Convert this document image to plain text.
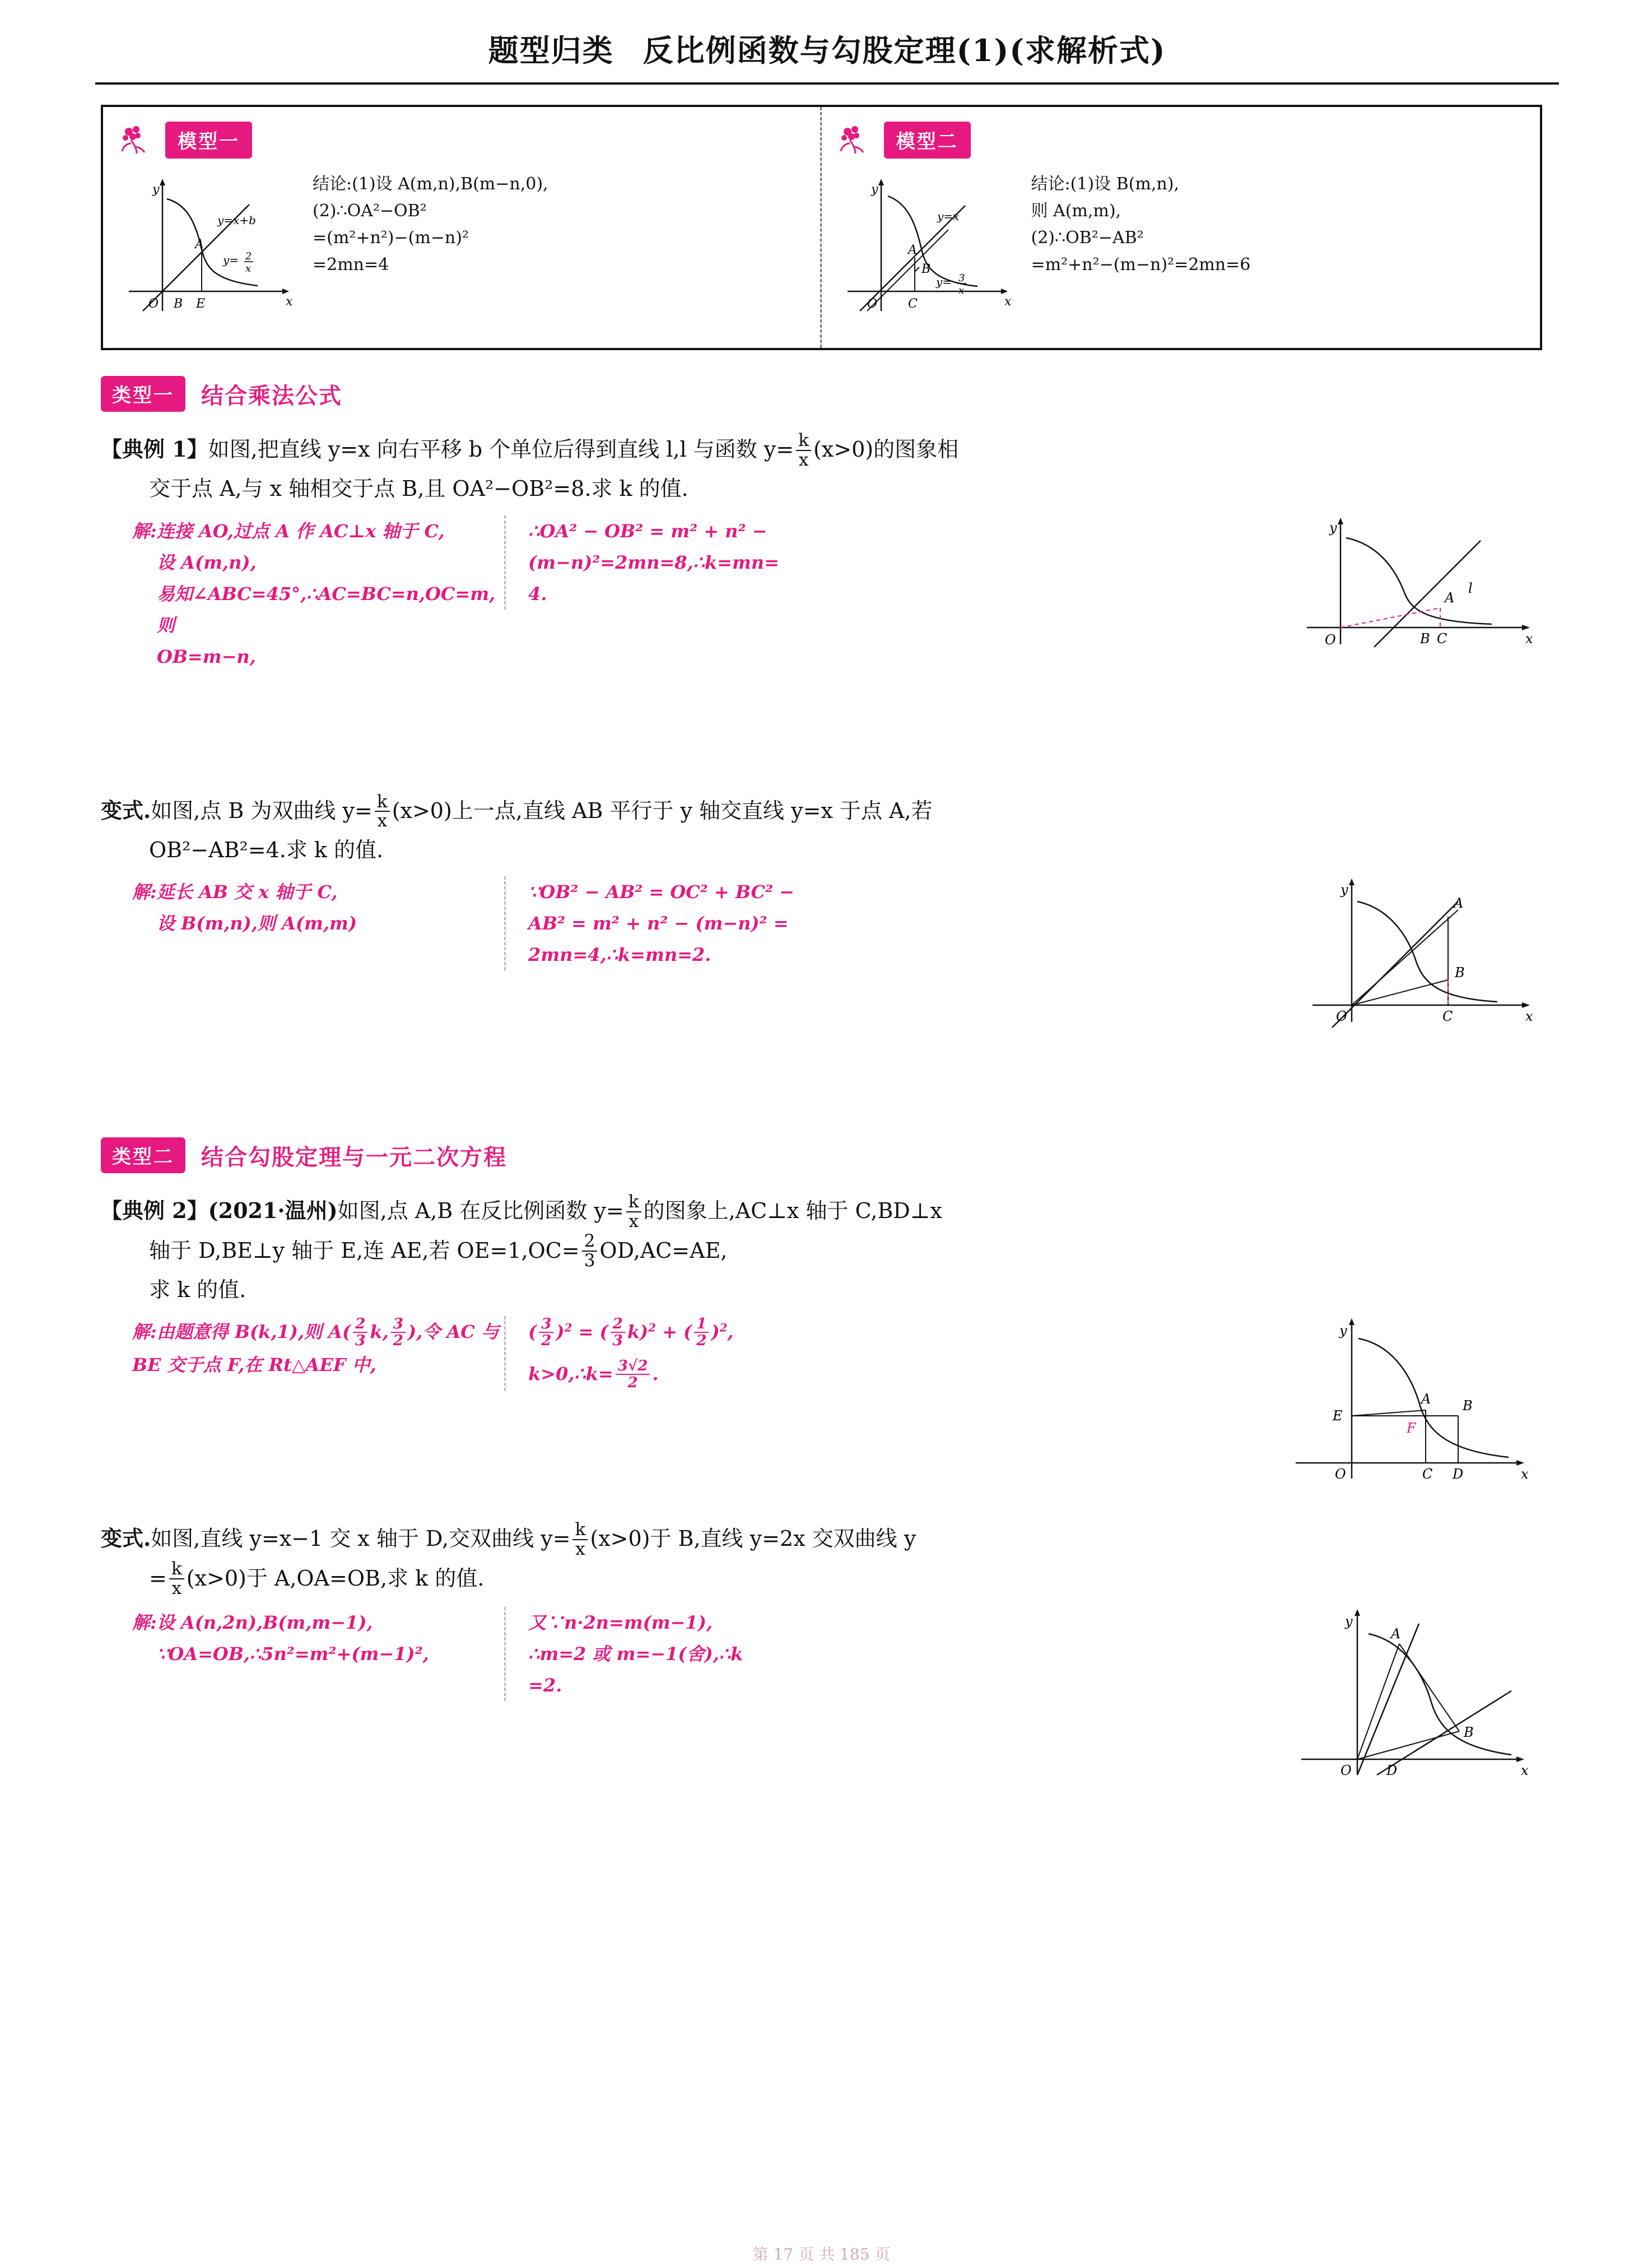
题型归类 反比例函数与勾股定理(1)(求解析式)
模型一
y
x
O
A
B E
y=x+b
y= 2
x
结论:(1)设 A(m,n),B(m−n,0),
(2)∴OA²−OB²
=(m²+n²)−(m−n)²
=2mn=4
模型二
y
x
O
A
B
C
y=x
y= 3
x
结论:(1)设 B(m,n),
则 A(m,m),
(2)∴OB²−AB²
=m²+n²−(m−n)²=2mn=6
类型一	结合乘法公式
【典例 1】如图,把直线 y=x 向右平移 b 个单位后得到直线 l,l 与函数 $y= \frac{k}{x} (x>0)$的图象相
交于点 A,与 x 轴相交于点 B,且 OA²−OB²=8.求 k 的值.
解:连接 AO,过点 A 作 AC⊥x 轴于 C,
设 A(m,n),
易知∠ABC=45°,∴AC=BC=n,OC=m,则
OB=m−n,
∴OA² − OB² = m² + n² −
(m−n)²=2mn=8,∴k=mn=
4.
y
x
O
A
l
B C
变式.如图,点 B 为双曲线 $y= \frac{k}{x} (x>0)$上一点,直线 AB 平行于 y 轴交直线 y=x 于点 A,若
OB²−AB²=4.求 k 的值.
解:延长 AB 交 x 轴于 C,
设 B(m,n),则 A(m,m)
∵OB² − AB² = OC² + BC² −
AB² = m² + n² − (m−n)² =
2mn=4,∴k=mn=2.
y
x
O
A
B
C
类型二	结合勾股定理与一元二次方程
【典例 2】(2021·温州)如图,点 A,B 在反比例函数 $y= \frac{k}{x}$ 的图象上,AC⊥x 轴于 C,BD⊥x
轴于 D,BE⊥y 轴于 E,连 AE,若 $OE=1,OC= \frac{2}{3} OD,AC=AE$,
求 k 的值.
解:由题意得 B(k,1),则 $A( \frac{2}{3} k$, $\frac{3}{2}$ ),令 AC 与
BE 交于点 F,在 Rt△AEF 中,
( $\frac{3}{2} )^2$ = ( $\frac{2}{3} k)^2$ + ( $\frac{1}{2} )^2$,
k>0,∴k= $\frac{3√2}{2}$ .
y
x
O
E
A B
C D
F
变式.如图,直线 y=x−1 交 x 轴于 D,交双曲线 $y= \frac{k}{x} (x>0)$于 B,直线 y=2x 交双曲线 y
= $\frac{k}{x} (x>0)$于 A,OA=OB,求 k 的值.
解:设 A(n,2n),B(m,m−1),
∵OA=OB,∴5n²=m²+(m−1)²,
又∵n·2n=m(m−1),
∴m=2 或 m=−1(舍),∴k
=2.
y
x
O
A
B
D
第 17 页 共 185 页
